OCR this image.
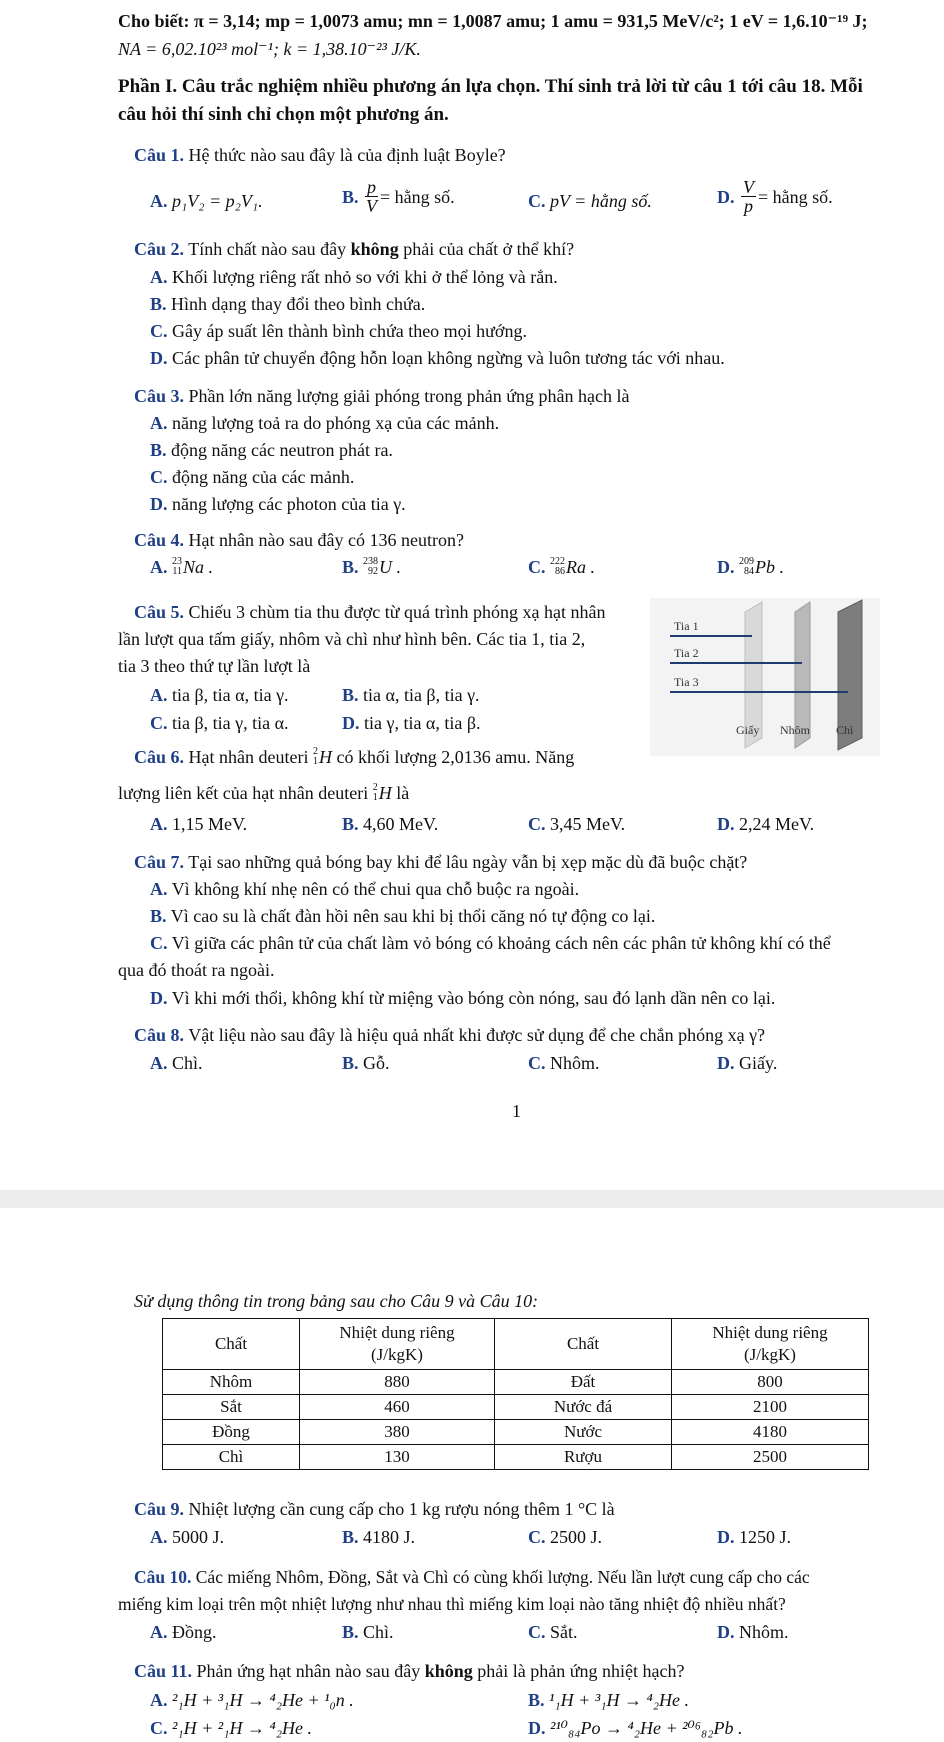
Cho biết: π = 3,14; mp = 1,0073 amu; mn = 1,0087 amu; 1 amu = 931,5 MeV/c²; 1 eV = 1,6.10⁻¹⁹ J;
NA = 6,02.10²³ mol⁻¹; k = 1,38.10⁻²³ J/K.
Phần I. Câu trắc nghiệm nhiều phương án lựa chọn. Thí sinh trả lời từ câu 1 tới câu 18. Mỗi
câu hỏi thí sinh chỉ chọn một phương án.
Câu 1. Hệ thức nào sau đây là của định luật Boyle?
A. p₁V₂ = p₂V₁.	B.
$\frac{p}{V}$ = hằng số.	C. pV = hằng số.	D.
$\frac{V}{p}$ = hằng số.
Câu 2. Tính chất nào sau đây không phải của chất ở thể khí?
A. Khối lượng riêng rất nhỏ so với khi ở thể lỏng và rắn.
B. Hình dạng thay đổi theo bình chứa.
C. Gây áp suất lên thành bình chứa theo mọi hướng.
D. Các phân tử chuyển động hỗn loạn không ngừng và luôn tương tác với nhau.
Câu 3. Phần lớn năng lượng giải phóng trong phản ứng phân hạch là
A. năng lượng toả ra do phóng xạ của các mảnh.
B. động năng các neutron phát ra.
C. động năng của các mảnh.
D. năng lượng các photon của tia γ.
Câu 4. Hạt nhân nào sau đây có 136 neutron?
A.
23
11 Na .	B.
238
92 U .	C.
222
86 Ra .	D.
209
84 Pb .
Câu 5. Chiếu 3 chùm tia thu được từ quá trình phóng xạ hạt nhân
lần lượt qua tấm giấy, nhôm và chì như hình bên. Các tia 1, tia 2,
tia 3 theo thứ tự lần lượt là
A. tia β, tia α, tia γ.	B. tia α, tia β, tia γ.
C. tia β, tia γ, tia α.	D. tia γ, tia α, tia β.
Tia 1
Tia 2
Tia 3
Giấy Nhôm Chì
Câu 6.
Hạt nhân deuteri
2
1 H
có khối lượng 2,0136 amu. Năng
lượng liên kết của hạt nhân deuteri
2
1 H
là
A. 1,15 MeV.	B. 4,60 MeV.	C. 3,45 MeV.	D. 2,24 MeV.
Câu 7. Tại sao những quả bóng bay khi để lâu ngày vẫn bị xẹp mặc dù đã buộc chặt?
A. Vì không khí nhẹ nên có thể chui qua chỗ buộc ra ngoài.
B. Vì cao su là chất đàn hồi nên sau khi bị thổi căng nó tự động co lại.
C. Vì giữa các phân tử của chất làm vỏ bóng có khoảng cách nên các phân tử không khí có thể
qua đó thoát ra ngoài.
D. Vì khi mới thổi, không khí từ miệng vào bóng còn nóng, sau đó lạnh dần nên co lại.
Câu 8. Vật liệu nào sau đây là hiệu quả nhất khi được sử dụng để che chắn phóng xạ γ?
A. Chì.	B. Gỗ.	C. Nhôm.	D. Giấy.
1
Sử dụng thông tin trong bảng sau cho Câu 9 và Câu 10:
Chất	Nhiệt dung riêng
(J/kgK)	Chất	Nhiệt dung riêng
(J/kgK)
Nhôm	880	Đất	800
Sắt	460	Nước đá	2100
Đồng	380	Nước	4180
Chì	130	Rượu	2500
Câu 9. Nhiệt lượng cần cung cấp cho 1 kg rượu nóng thêm 1 °C là
A. 5000 J.	B. 4180 J.	C. 2500 J.	D. 1250 J.
Câu 10. Các miếng Nhôm, Đồng, Sắt và Chì có cùng khối lượng. Nếu lần lượt cung cấp cho các
miếng kim loại trên một nhiệt lượng như nhau thì miếng kim loại nào tăng nhiệt độ nhiều nhất?
A. Đồng.	B. Chì.	C. Sắt.	D. Nhôm.
Câu 11. Phản ứng hạt nhân nào sau đây không phải là phản ứng nhiệt hạch?
A. ²₁H + ³₁H → ⁴₂He + ¹₀n .	B. ¹₁H + ³₁H → ⁴₂He .
C. ²₁H + ²₁H → ⁴₂He .	D. ²¹⁰₈₄Po → ⁴₂He + ²⁰⁶₈₂Pb .
